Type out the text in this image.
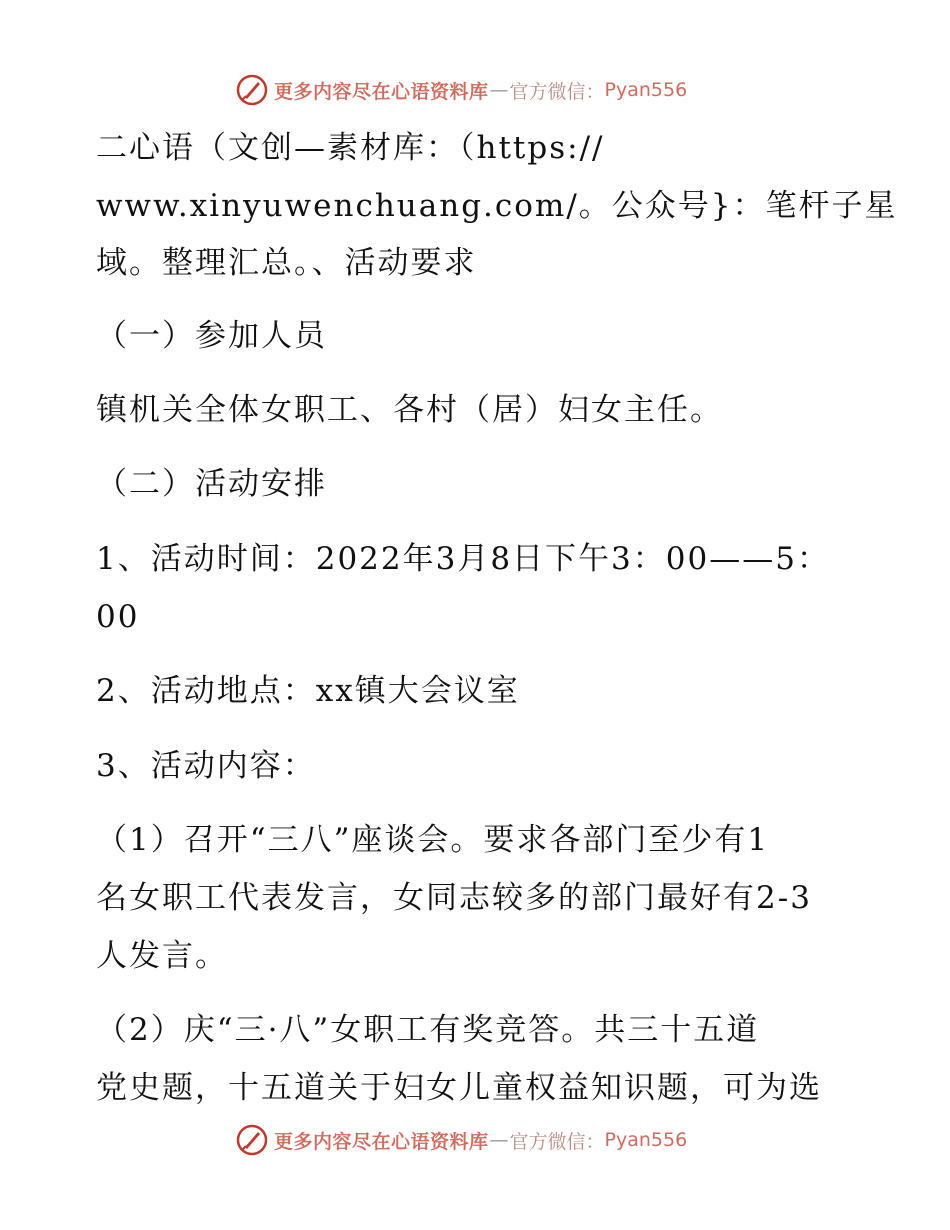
更多内容尽在心语资料库 — 官方微信： Pyan556
二心语（文创—素材库：（https://
www.xinyuwenchuang.com/。公众号}：笔杆子星
域。整理汇总。、活动要求
（一）参加人员
镇机关全体女职工、各村（居）妇女主任。
（二）活动安排
1、活动时间：2022年3月8日下午3：00——5：
00
2、活动地点：xx镇大会议室
3、活动内容：
（1）召开“三八”座谈会。要求各部门至少有1
名女职工代表发言，女同志较多的部门最好有2-3
人发言。
（2）庆“三·八”女职工有奖竞答。共三十五道
党史题，十五道关于妇女儿童权益知识题，可为选
更多内容尽在心语资料库 — 官方微信： Pyan556
